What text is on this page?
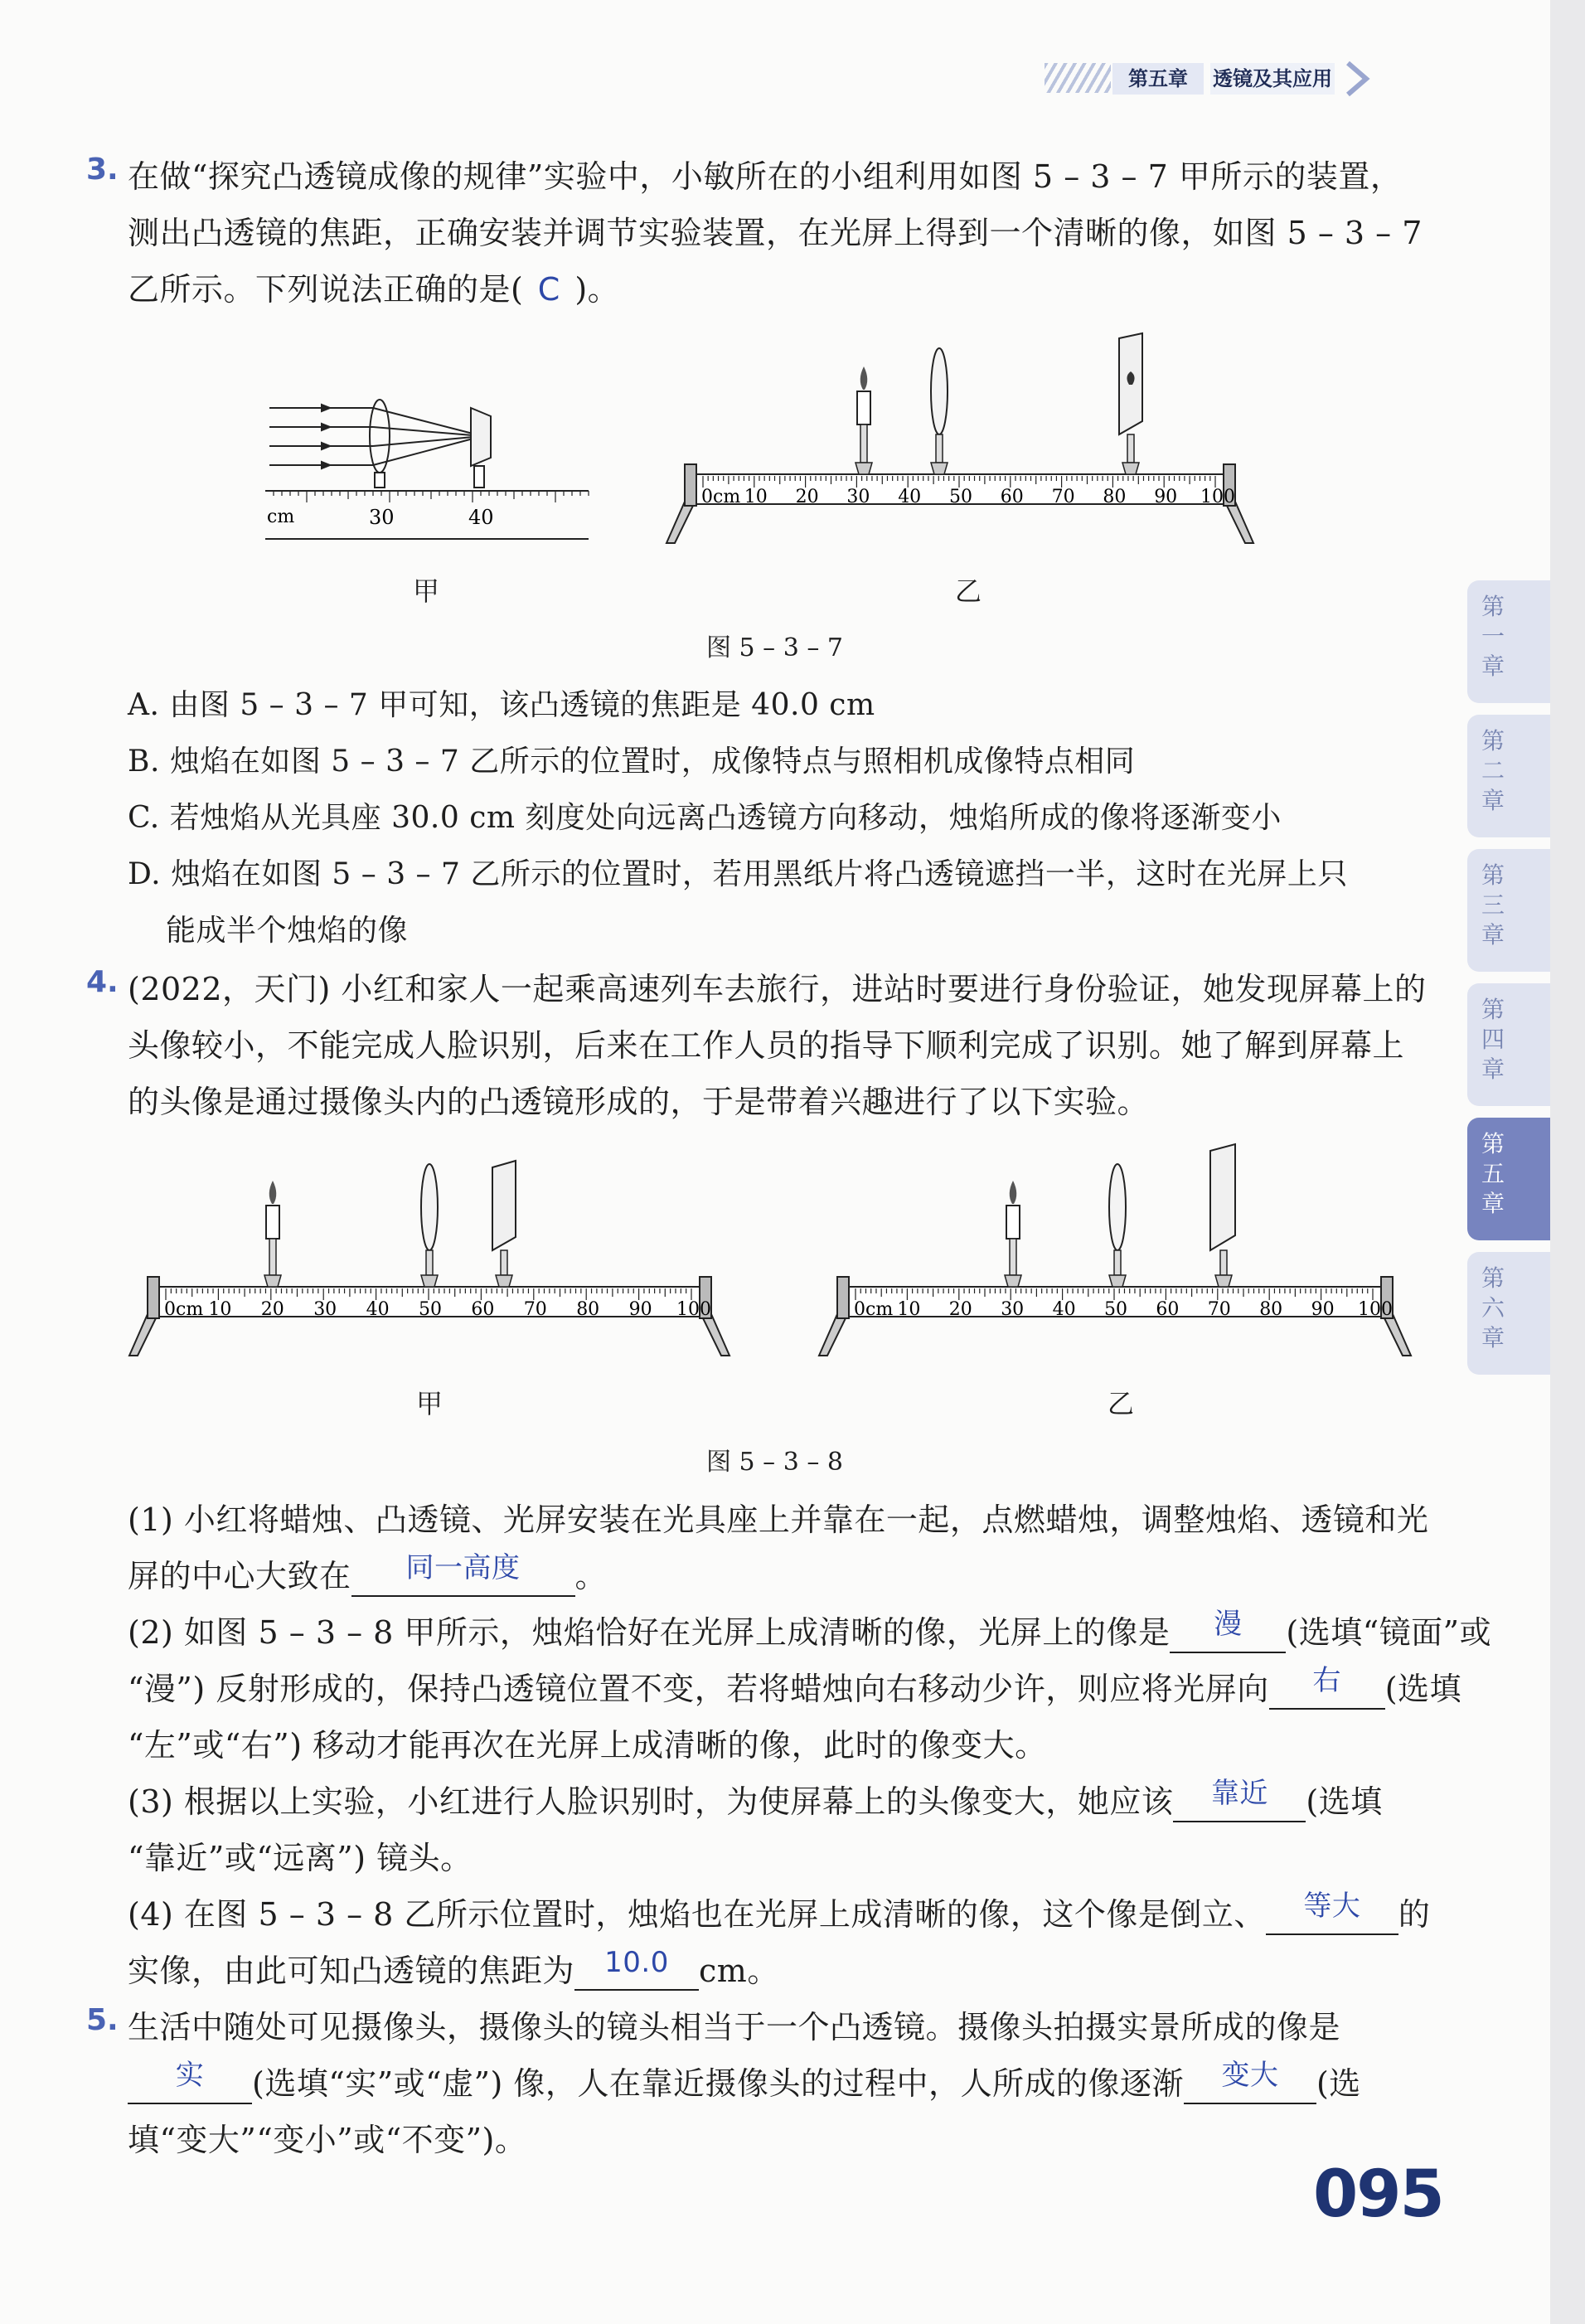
第五章	透镜及其应用
3. 在做“探究凸透镜成像的规律”实验中，小敏所在的小组利用如图 5 – 3 – 7 甲所示的装置，
测出凸透镜的焦距，正确安装并调节实验装置，在光屏上得到一个清晰的像，如图 5 – 3 – 7
乙所示。下列说法正确的是( C )。
cm	30	40
甲
0cm 10 20 30 40 50 60 70 80 90 100
乙
图 5 – 3 – 7
A. 由图 5 – 3 – 7 甲可知，该凸透镜的焦距是 40.0 cm
B. 烛焰在如图 5 – 3 – 7 乙所示的位置时，成像特点与照相机成像特点相同
C. 若烛焰从光具座 30.0 cm 刻度处向远离凸透镜方向移动，烛焰所成的像将逐渐变小
D. 烛焰在如图 5 – 3 – 7 乙所示的位置时，若用黑纸片将凸透镜遮挡一半，这时在光屏上只
能成半个烛焰的像
4. (2022，天门) 小红和家人一起乘高速列车去旅行，进站时要进行身份验证，她发现屏幕上的
头像较小，不能完成人脸识别，后来在工作人员的指导下顺利完成了识别。她了解到屏幕上
的头像是通过摄像头内的凸透镜形成的，于是带着兴趣进行了以下实验。
0cm 10 20 30 40 50 60 70 80 90 100
甲
0cm 10 20 30 40 50 60 70 80 90 100
乙
图 5 – 3 – 8
(1) 小红将蜡烛、凸透镜、光屏安装在光具座上并靠在一起，点燃蜡烛，调整烛焰、透镜和光
屏的中心大致在 同一高度 。
(2) 如图 5 – 3 – 8 甲所示，烛焰恰好在光屏上成清晰的像，光屏上的像是 漫 (选填“镜面”或
“漫”) 反射形成的，保持凸透镜位置不变，若将蜡烛向右移动少许，则应将光屏向 右 (选填
“左”或“右”) 移动才能再次在光屏上成清晰的像，此时的像变大。
(3) 根据以上实验，小红进行人脸识别时，为使屏幕上的头像变大，她应该 靠近 (选填
“靠近”或“远离”) 镜头。
(4) 在图 5 – 3 – 8 乙所示位置时，烛焰也在光屏上成清晰的像，这个像是倒立、 等大 的
实像，由此可知凸透镜的焦距为 10.0 cm。
5. 生活中随处可见摄像头，摄像头的镜头相当于一个凸透镜。摄像头拍摄实景所成的像是
实 (选填“实”或“虚”) 像，人在靠近摄像头的过程中，人所成的像逐渐 变大 (选
填“变大”“变小”或“不变”)。
095
第
一
章
第
二
章
第
三
章
第
四
章
第
五
章
第
六
章
